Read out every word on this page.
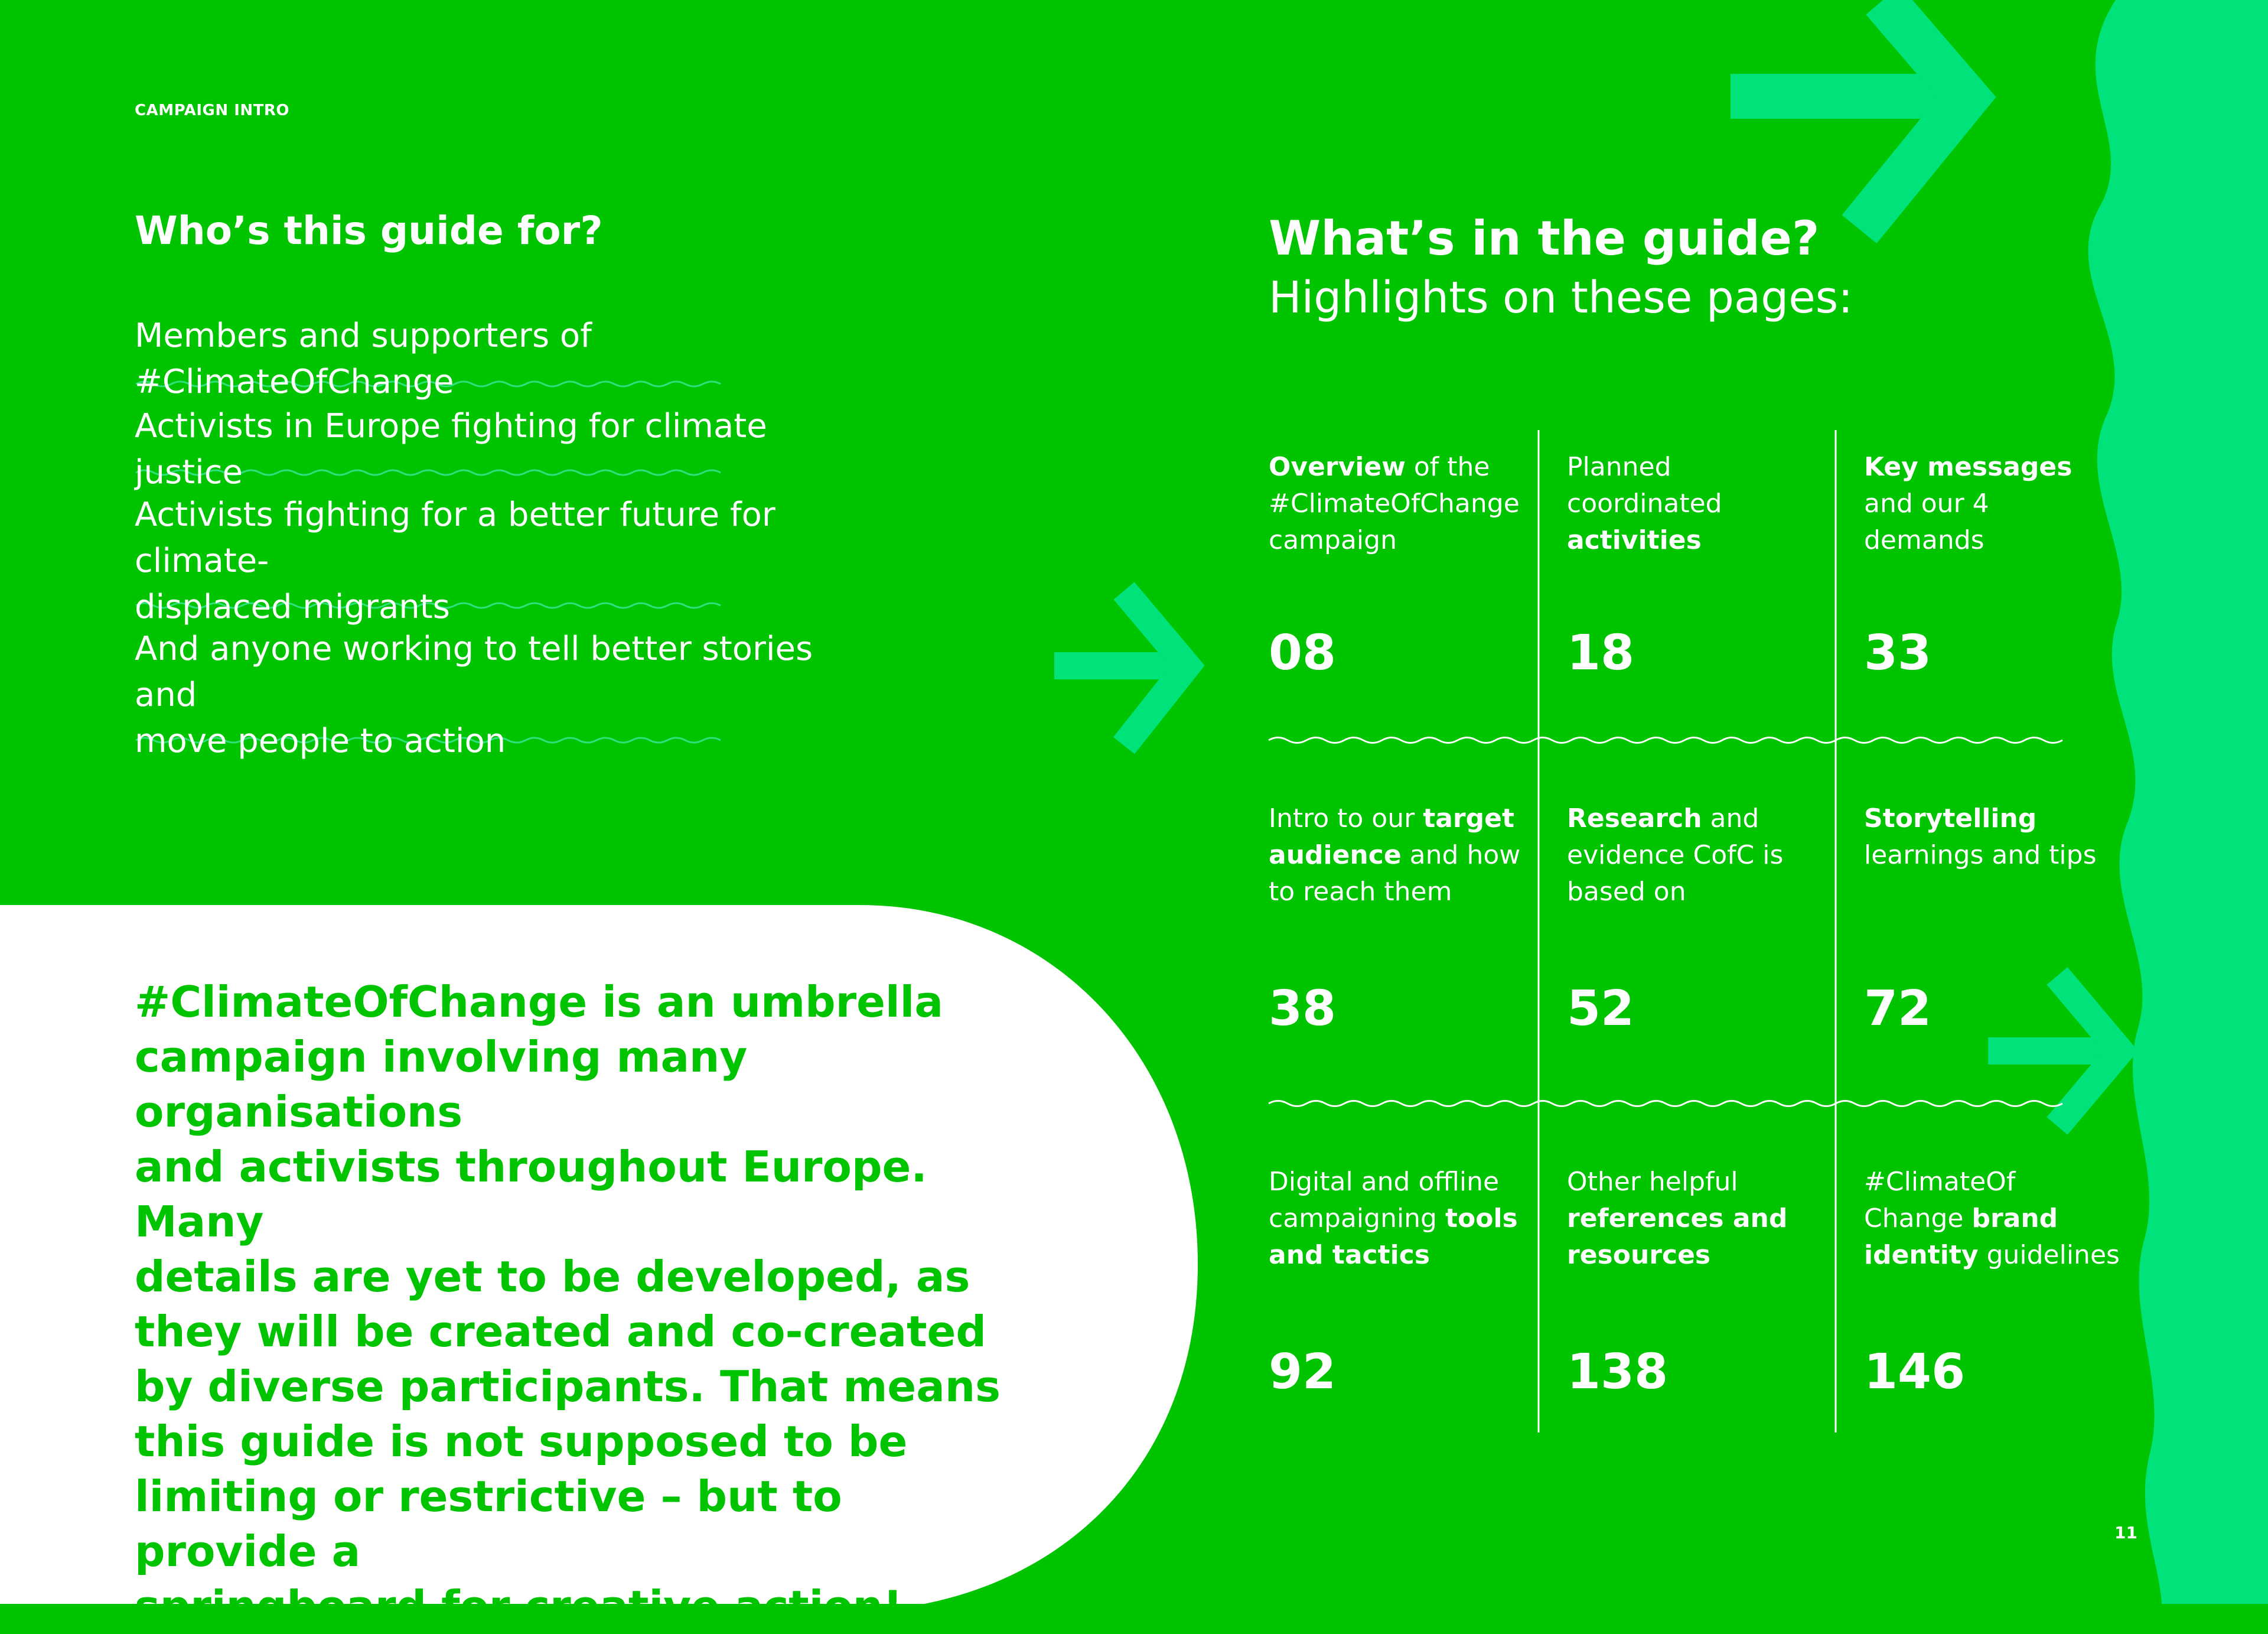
CAMPAIGN INTRO
Who’s this guide for?
Members and supporters of #ClimateOfChange
Activists in Europe fighting for climate justice
Activists fighting for a better future for climate-
displaced migrants
And anyone working to tell better stories and
move people to action
What’s in the guide?
Highlights on these pages:
Overview of the
#ClimateOfChange
campaign
08
Planned
coordinated
activities
18
Key messages
and our 4
demands
33
Intro to our target
audience and how
to reach them
38
Research and
evidence CofC is
based on
52
Storytelling
learnings and tips
72
Digital and offline
campaigning tools
and tactics
92
Other helpful
references and
resources
138
#ClimateOf
Change brand
identity guidelines
146

#ClimateOfChange is an umbrella
campaign involving many organisations
and activists throughout Europe. Many
details are yet to be developed, as
they will be created and co-created
by diverse participants. That means
this guide is not supposed to be
limiting or restrictive – but to provide a
springboard for creative action!

11
